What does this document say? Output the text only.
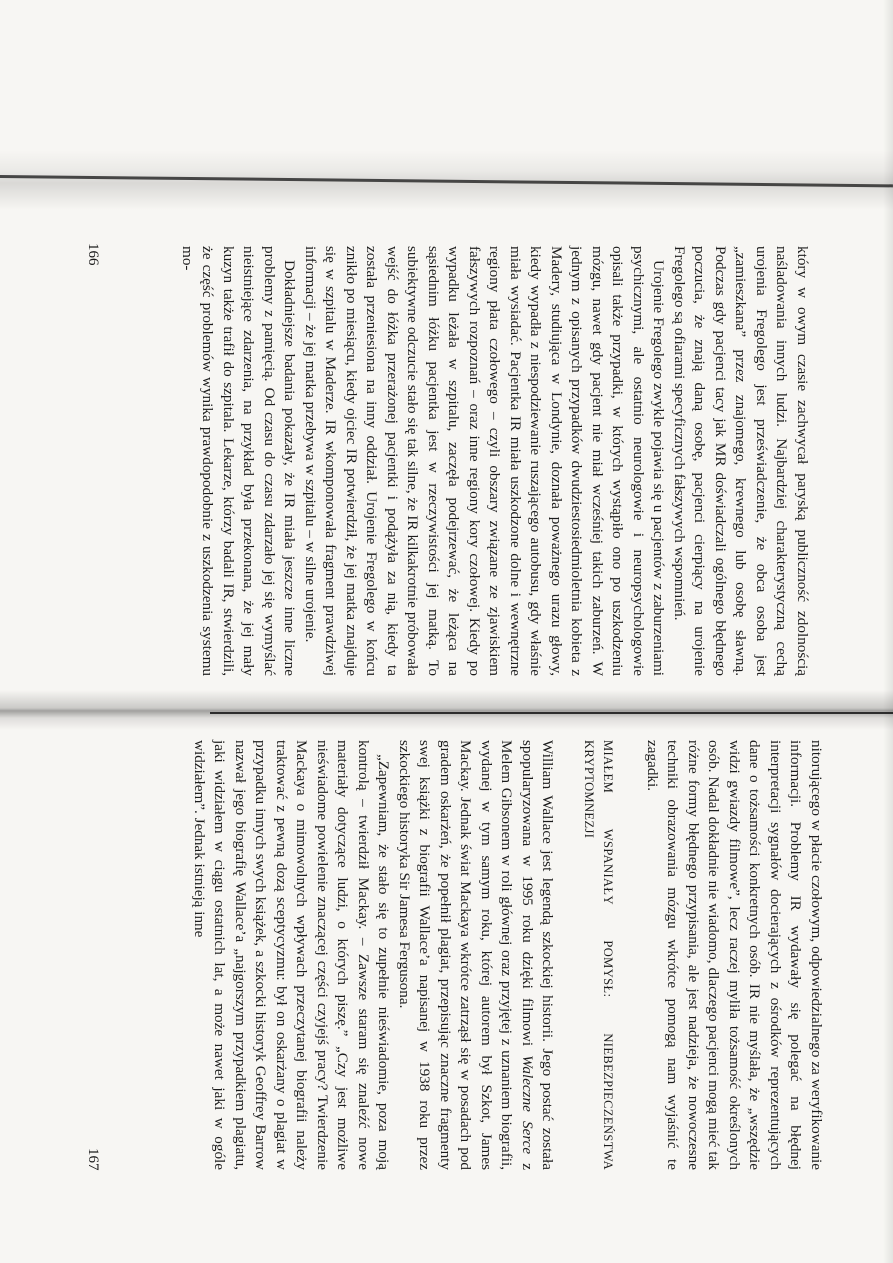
który w owym czasie zachwycał paryską publiczność zdolnością naśladowania innych ludzi. Najbardziej charakterystyczną cechą urojenia Fregolego jest przeświadczenie, że obca osoba jest „zamieszkana” przez znajomego, krewnego lub osobę sławną. Podczas gdy pacjenci tacy jak MR doświadczali ogólnego błędnego poczucia, że znają daną osobę, pacjenci cierpiący na urojenie Fregolego są ofiarami specyficznych fałszywych wspomnień.

Urojenie Fregolego zwykle pojawia się u pacjentów z zaburzeniami psychicznymi, ale ostatnio neurologowie i neuropsychologowie opisali także przypadki, w których wystąpiło ono po uszkodzeniu mózgu, nawet gdy pacjent nie miał wcześniej takich zaburzeń. W jednym z opisanych przypadków dwudziestosiedmioletnia kobieta z Madery, studiująca w Londynie, doznała poważnego urazu głowy, kiedy wypadła z niespodziewanie ruszającego autobusu, gdy właśnie miała wysiadać. Pacjentka IR miała uszkodzone dolne i wewnętrzne regiony płata czołowego – czyli obszary związane ze zjawiskiem fałszywych rozpoznań – oraz inne regiony kory czołowej. Kiedy po wypadku leżała w szpitalu, zaczęła podejrzewać, że leżąca na sąsiednim łóżku pacjentka jest w rzeczywistości jej matką. To subiektywne odczucie stało się tak silne, że IR kilkakrotnie próbowała wejść do łóżka przerażonej pacjentki i podążyła za nią, kiedy ta została przeniesiona na inny oddział. Urojenie Fregolego w końcu znikło po miesiącu, kiedy ojciec IR potwierdził, że jej matka znajduje się w szpitalu w Maderze. IR wkomponowała fragment prawdziwej informacji – że jej matka przebywa w szpitalu – w silne urojenie.

Dokładniejsze badania pokazały, że IR miała jeszcze inne liczne problemy z pamięcią. Od czasu do czasu zdarzało jej się wymyślać nieistniejące zdarzenia, na przykład była przekonana, że jej mały kuzyn także trafił do szpitala. Lekarze, którzy badali IR, stwierdzili, że część problemów wynika prawdopodobnie z uszkodzenia systemu mo-

166

nitorującego w płacie czołowym, odpowiedzialnego za weryfikowanie informacji. Problemy IR wydawały się polegać na błędnej interpretacji sygnałów docierających z ośrodków reprezentujących dane o tożsamości konkretnych osób. IR nie myślała, że „wszędzie widzi gwiazdy filmowe”, lecz raczej myliła tożsamość określonych osób. Nadal dokładnie nie wiadomo, dlaczego pacjenci mogą mieć tak różne formy błędnego przypisania, ale jest nadzieja, że nowoczesne techniki obrazowania mózgu wkrótce pomogą nam wyjaśnić te zagadki.

MIAŁEM WSPANIAŁY POMYSŁ: NIEBEZPIECZEŃSTWA KRYPTOMNEZJI

William Wallace jest legendą szkockiej historii. Jego postać została spopularyzowana w 1995 roku dzięki filmowi Waleczne Serce z Melem Gibsonem w roli głównej oraz przyjętej z uznaniem biografii, wydanej w tym samym roku, której autorem był Szkot, James Mackay. Jednak świat Mackaya wkrótce zatrząsł się w posadach pod gradem oskarżeń, że popełnił plagiat, przepisując znaczne fragmenty swej książki z biografii Wallace’a napisanej w 1938 roku przez szkockiego historyka Sir Jamesa Fergusona.

„Zapewniam, że stało się to zupełnie nieświadomie, poza moją kontrolą – twierdził Mackay. – Zawsze staram się znaleźć nowe materiały dotyczące ludzi, o których piszę.” „Czy jest możliwe nieświadome powielenie znaczącej części czyjejś pracy? Twierdzenie Mackaya o mimowolnych wpływach przeczytanej biografii należy traktować z pewną dozą sceptycyzmu: był on oskarżany o plagiat w przypadku innych swych książek, a szkocki historyk Geoffrey Barrow nazwał jego biografię Wallace’a „najgorszym przypadkiem plagiatu, jaki widziałem w ciągu ostatnich lat, a może nawet jaki w ogóle widziałem”. Jednak istnieją inne

167
